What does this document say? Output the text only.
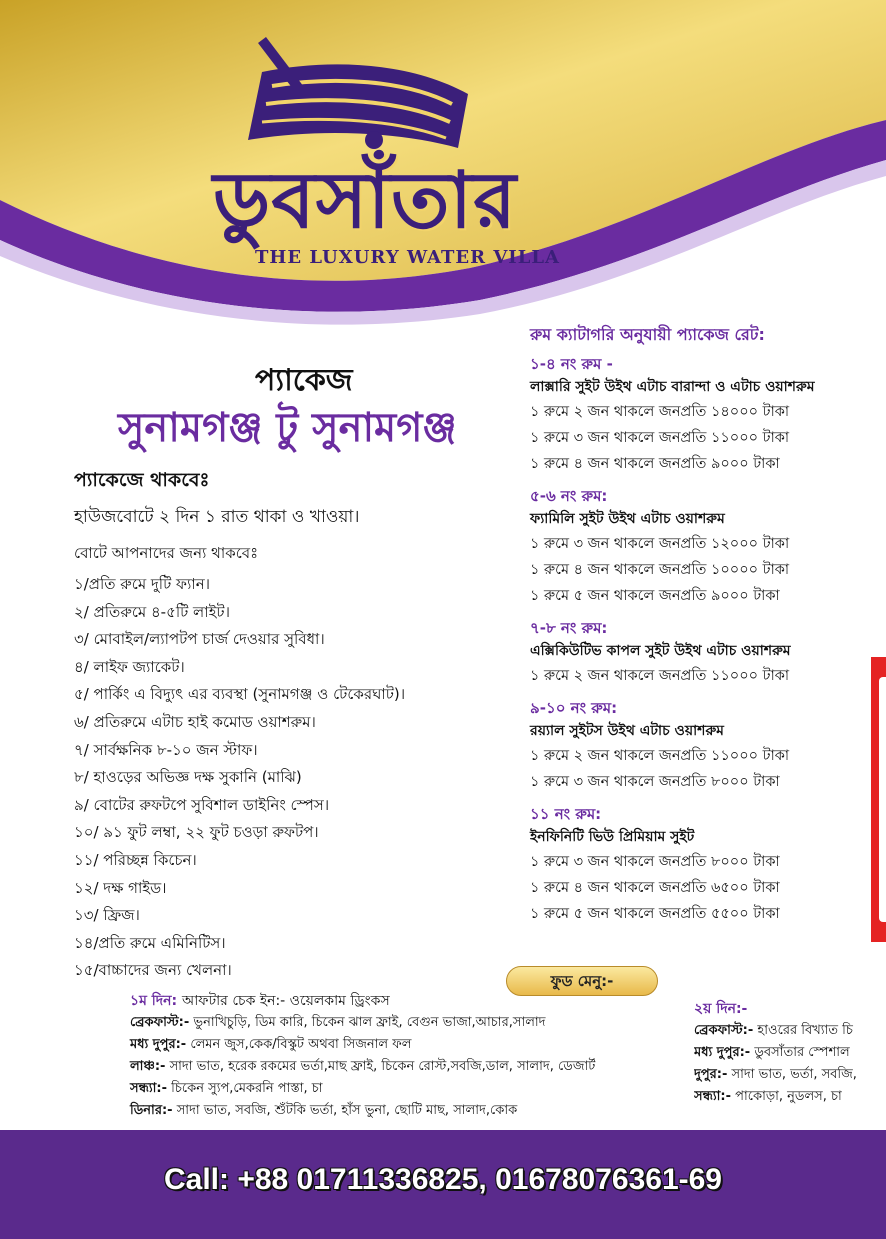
ডুবসাঁতার
THE LUXURY WATER VILLA
প্যাকেজ
সুনামগঞ্জ টু সুনামগঞ্জ
প্যাকেজে থাকবেঃ
হাউজবোটে ২ দিন ১ রাত থাকা ও খাওয়া।
বোটে আপনাদের জন্য থাকবেঃ
১/প্রতি রুমে দুটি ফ্যান।
২/ প্রতিরুমে ৪-৫টি লাইট।
৩/ মোবাইল/ল্যাপটপ চার্জ দেওয়ার সুবিধা।
৪/ লাইফ জ্যাকেট।
৫/ পার্কিং এ বিদ্যুৎ এর ব্যবস্থা (সুনামগঞ্জ ও টেকেরঘাট)।
৬/ প্রতিরুমে এটাচ হাই কমোড ওয়াশরুম।
৭/ সার্বক্ষনিক ৮-১০ জন স্টাফ।
৮/ হাওড়ের অভিজ্ঞ দক্ষ সুকানি (মাঝি)
৯/ বোটের রুফটপে সুবিশাল ডাইনিং স্পেস।
১০/ ৯১ ফুট লম্বা, ২২ ফুট চওড়া রুফটপ।
১১/ পরিচ্ছন্ন কিচেন।
১২/ দক্ষ গাইড।
১৩/ ফ্রিজ।
১৪/প্রতি রুমে এমিনিটিস।
১৫/বাচ্চাদের জন্য খেলনা।
রুম ক্যাটাগরি অনুযায়ী প্যাকেজ রেট:
১-৪ নং রুম -
লাক্সারি সুইট উইথ এটাচ বারান্দা ও এটাচ ওয়াশরুম
১ রুমে ২ জন থাকলে জনপ্রতি ১৪০০০ টাকা
১ রুমে ৩ জন থাকলে জনপ্রতি ১১০০০ টাকা
১ রুমে ৪ জন থাকলে জনপ্রতি ৯০০০ টাকা
৫-৬ নং রুম:
ফ্যামিলি সুইট উইথ এটাচ ওয়াশরুম
১ রুমে ৩ জন থাকলে জনপ্রতি ১২০০০ টাকা
১ রুমে ৪ জন থাকলে জনপ্রতি ১০০০০ টাকা
১ রুমে ৫ জন থাকলে জনপ্রতি ৯০০০ টাকা
৭-৮ নং রুম:
এক্সিকিউটিভ কাপল সুইট উইথ এটাচ ওয়াশরুম
১ রুমে ২ জন থাকলে জনপ্রতি ১১০০০ টাকা
৯-১০ নং রুম:
রয়্যাল সুইটস উইথ এটাচ ওয়াশরুম
১ রুমে ২ জন থাকলে জনপ্রতি ১১০০০ টাকা
১ রুমে ৩ জন থাকলে জনপ্রতি ৮০০০ টাকা
১১ নং রুম:
ইনফিনিটি ভিউ প্রিমিয়াম সুইট
১ রুমে ৩ জন থাকলে জনপ্রতি ৮০০০ টাকা
১ রুমে ৪ জন থাকলে জনপ্রতি ৬৫০০ টাকা
১ রুমে ৫ জন থাকলে জনপ্রতি ৫৫০০ টাকা
ফুড মেনু:-
১ম দিন: আফটার চেক ইন:- ওয়েলকাম ড্রিংকস
ব্রেকফাস্ট:- ভুনাখিচুড়ি, ডিম কারি, চিকেন ঝাল ফ্রাই, বেগুন ভাজা,আচার,সালাদ
মধ্য দুপুর:- লেমন জুস,কেক/বিস্কুট অথবা সিজনাল ফল
লাঞ্চ:- সাদা ভাত, হরেক রকমের ভর্তা,মাছ ফ্রাই, চিকেন রোস্ট,সবজি,ডাল, সালাদ, ডেজার্ট
সন্ধ্যা:- চিকেন স্যুপ,মেকরনি পাস্তা, চা
ডিনার:- সাদা ভাত, সবজি, শুঁটকি ভর্তা, হাঁস ভুনা, ছোটি মাছ, সালাদ,কোক
২য় দিন:-
ব্রেকফাস্ট:- হাওরের বিখ্যাত চি
মধ্য দুপুর:- ডুবসাঁতার স্পেশাল
দুপুর:- সাদা ভাত, ভর্তা, সবজি,
সন্ধ্যা:- পাকোড়া, নুডলস, চা
Call: +88 01711336825, 01678076361-69
